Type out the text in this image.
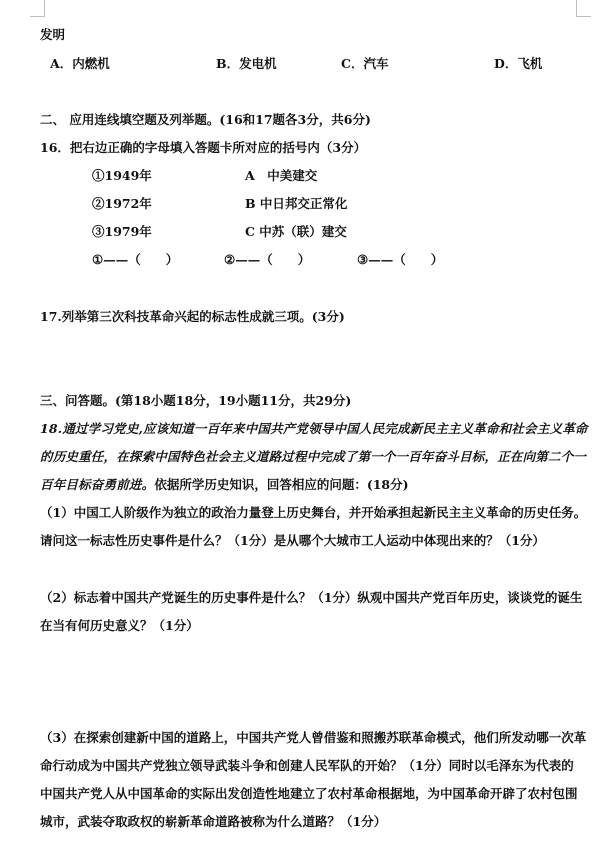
发明
A．内燃机	B．发电机	C．汽车	D．飞机
二、 应用连线填空题及列举题。(16和17题各3分，共6分)
16．把右边正确的字母填入答题卡所对应的括号内（3分）
①1949年	A　中美建交
②1972年	B 中日邦交正常化
③1979年	C 中苏（联）建交
①——（　　）	②——（　　）	③——（　　）
17.列举第三次科技革命兴起的标志性成就三项。(3分)
三、问答题。(第18小题18分，19小题11分，共29分)
18.通过学习党史,应该知道一百年来中国共产党领导中国人民完成新民主主义革命和社会主义革命
的历史重任，在探索中国特色社会主义道路过程中完成了第一个一百年奋斗目标，正在向第二个一
百年目标奋勇前进。依据所学历史知识，回答相应的问题：(18分)
（1）中国工人阶级作为独立的政治力量登上历史舞台，并开始承担起新民主主义革命的历史任务。
请问这一标志性历史事件是什么？（1分）是从哪个大城市工人运动中体现出来的？（1分）
（2）标志着中国共产党诞生的历史事件是什么？（1分）纵观中国共产党百年历史，谈谈党的诞生
在当有何历史意义？（1分）
（3）在探索创建新中国的道路上，中国共产党人曾借鉴和照搬苏联革命模式，他们所发动哪一次革
命行动成为中国共产党独立领导武装斗争和创建人民军队的开始？（1分）同时以毛泽东为代表的
中国共产党人从中国革命的实际出发创造性地建立了农村革命根据地，为中国革命开辟了农村包围
城市，武装夺取政权的崭新革命道路被称为什么道路？（1分）
